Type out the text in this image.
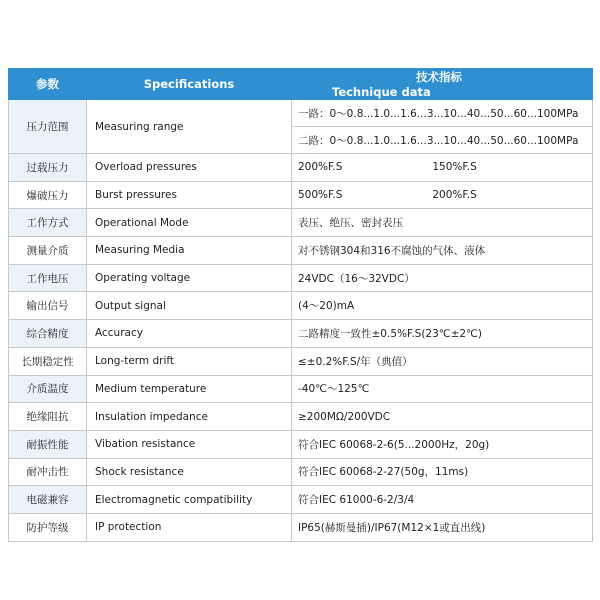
参数	Specifications	技术指标Technique data
压力范围	Measuring range	一路：0～0.8...1.0...1.6...3...10...40...50...60...100MPa
		二路：0～0.8...1.0...1.6...3...10...40...50...60...100MPa
过载压力	Overload pressures	200%F.S 150%F.S
爆破压力	Burst pressures	500%F.S 200%F.S
工作方式	Operational Mode	表压、绝压、密封表压
测量介质	Measuring Media	对不锈钢304和316不腐蚀的气体、液体
工作电压	Operating voltage	24VDC（16～32VDC）
输出信号	Output signal	(4～20)mA
综合精度	Accuracy	二路精度一致性±0.5%F.S(23℃±2℃)
长期稳定性	Long-term drift	≤±0.2%F.S/年（典值）
介质温度	Medium temperature	-40℃～125℃
绝缘阻抗	Insulation impedance	≥200MΩ/200VDC
耐振性能	Vibation resistance	符合IEC 60068-2-6(5...2000Hz，20g)
耐冲击性	Shock resistance	符合IEC 60068-2-27(50g，11ms)
电磁兼容	Electromagnetic compatibility	符合IEC 61000-6-2/3/4
防护等级	IP protection	IP65(赫斯曼插)/IP67(M12×1或直出线)
